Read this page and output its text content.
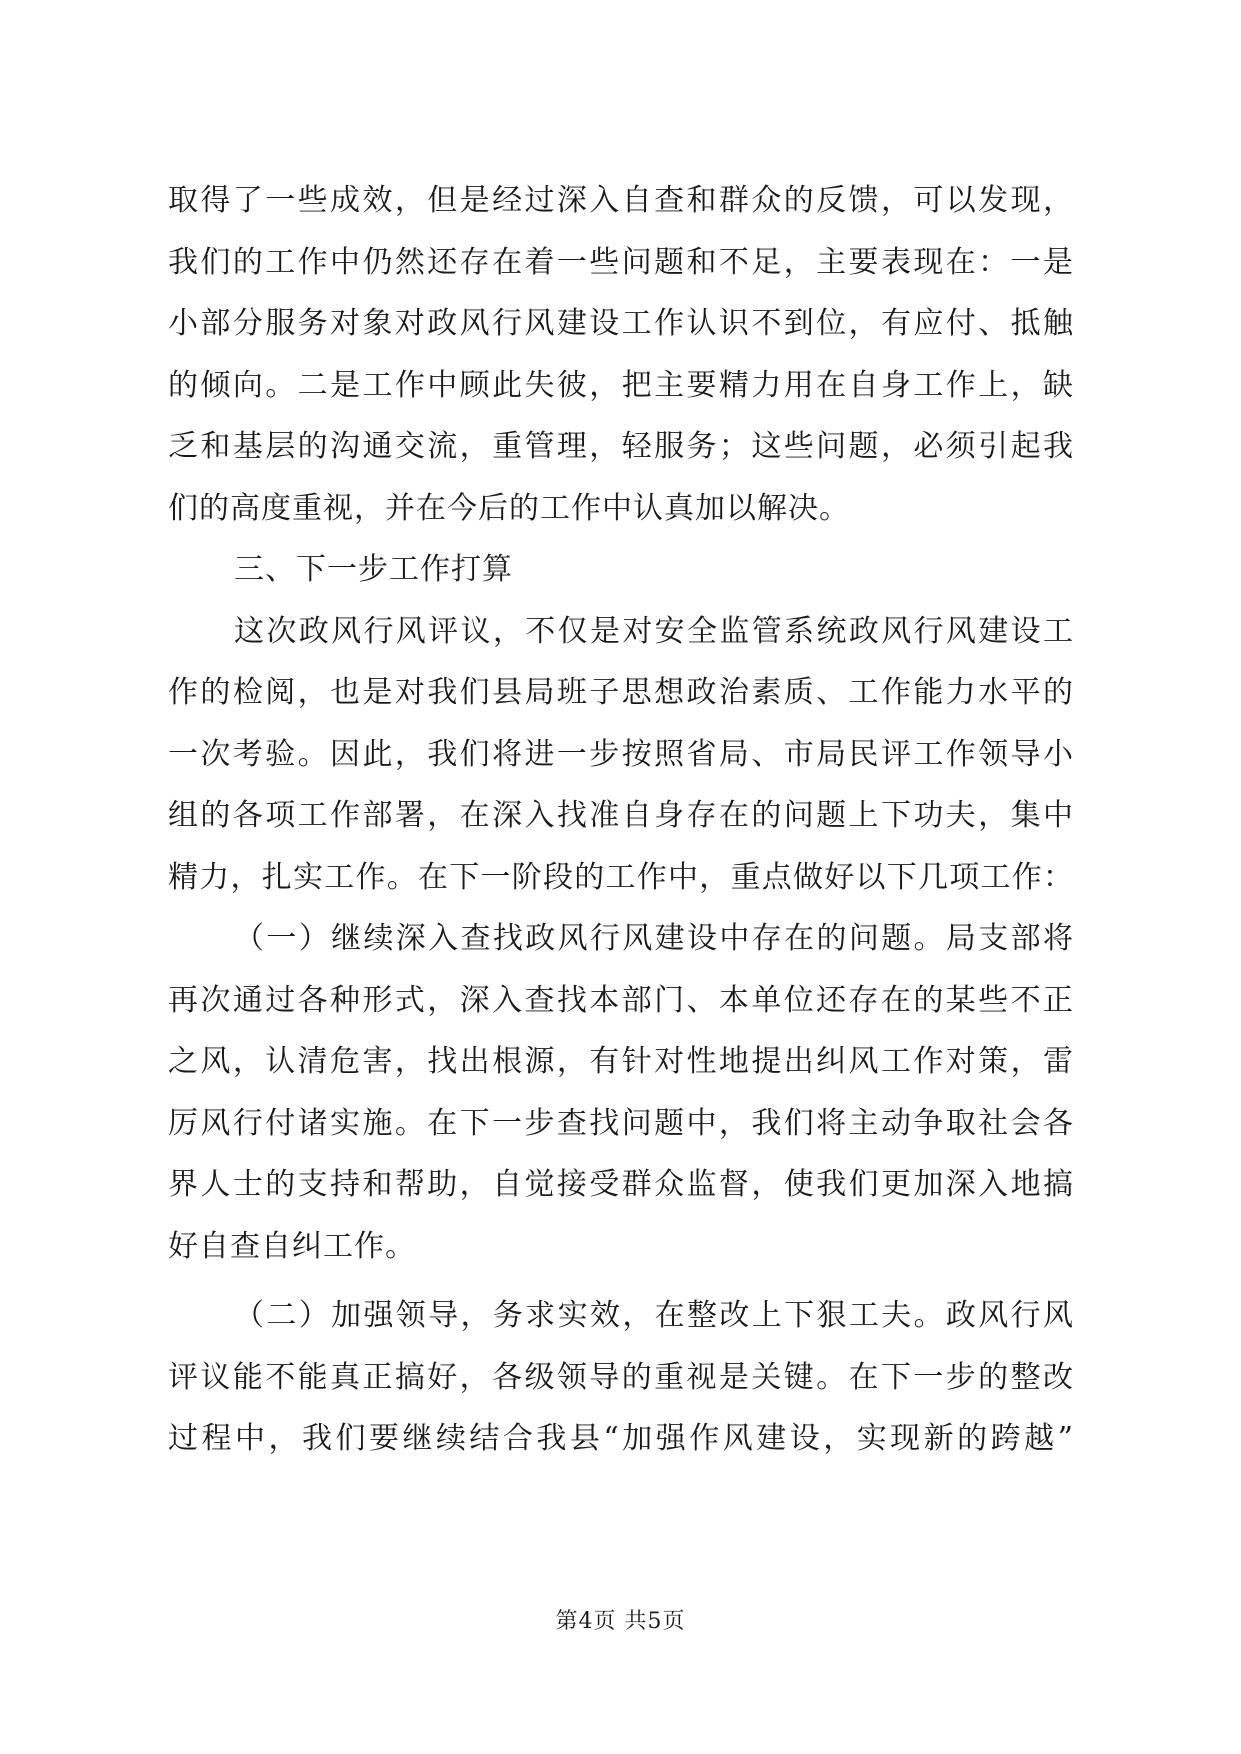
取得了一些成效，但是经过深入自查和群众的反馈，可以发现，
我们的工作中仍然还存在着一些问题和不足，主要表现在：一是
小部分服务对象对政风行风建设工作认识不到位，有应付、抵触
的倾向。二是工作中顾此失彼，把主要精力用在自身工作上，缺
乏和基层的沟通交流，重管理，轻服务；这些问题，必须引起我
们的高度重视，并在今后的工作中认真加以解决。
三、下一步工作打算
这次政风行风评议，不仅是对安全监管系统政风行风建设工
作的检阅，也是对我们县局班子思想政治素质、工作能力水平的
一次考验。因此，我们将进一步按照省局、市局民评工作领导小
组的各项工作部署，在深入找准自身存在的问题上下功夫，集中
精力，扎实工作。在下一阶段的工作中，重点做好以下几项工作：
（一）继续深入查找政风行风建设中存在的问题。局支部将
再次通过各种形式，深入查找本部门、本单位还存在的某些不正
之风，认清危害，找出根源，有针对性地提出纠风工作对策，雷
厉风行付诸实施。在下一步查找问题中，我们将主动争取社会各
界人士的支持和帮助，自觉接受群众监督，使我们更加深入地搞
好自查自纠工作。
（二）加强领导，务求实效，在整改上下狠工夫。政风行风
评议能不能真正搞好，各级领导的重视是关键。在下一步的整改
过程中，我们要继续结合我县“加强作风建设，实现新的跨越”
第4页 共5页
